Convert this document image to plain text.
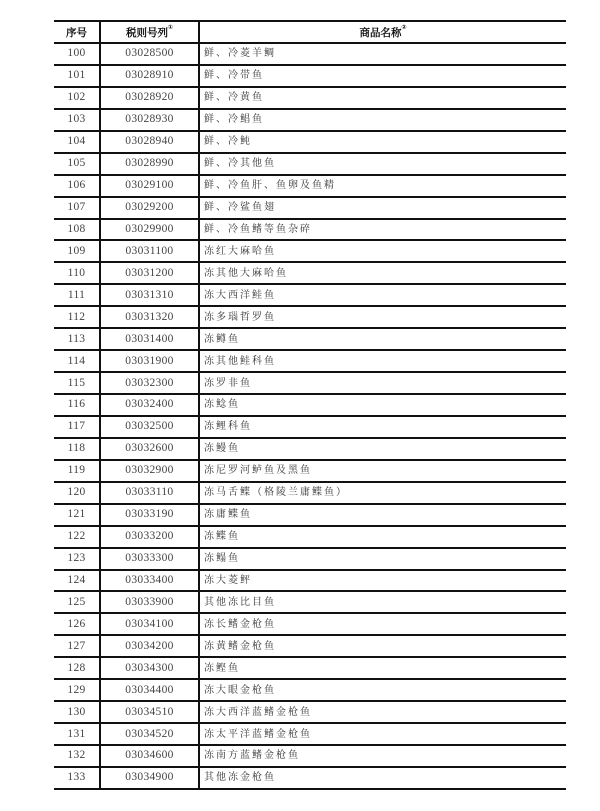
序号	税则号列①	商品名称②
100	03028500	鲜、冷菱羊鲷
101	03028910	鲜、冷带鱼
102	03028920	鲜、冷黄鱼
103	03028930	鲜、冷鲳鱼
104	03028940	鲜、冷鲀
105	03028990	鲜、冷其他鱼
106	03029100	鲜、冷鱼肝、鱼卵及鱼精
107	03029200	鲜、冷鲨鱼翅
108	03029900	鲜、冷鱼鳍等鱼杂碎
109	03031100	冻红大麻哈鱼
110	03031200	冻其他大麻哈鱼
111	03031310	冻大西洋鲑鱼
112	03031320	冻多瑙哲罗鱼
113	03031400	冻鳟鱼
114	03031900	冻其他鲑科鱼
115	03032300	冻罗非鱼
116	03032400	冻鲶鱼
117	03032500	冻鲤科鱼
118	03032600	冻鳗鱼
119	03032900	冻尼罗河鲈鱼及黑鱼
120	03033110	冻马舌鲽（格陵兰庸鲽鱼）
121	03033190	冻庸鲽鱼
122	03033200	冻鲽鱼
123	03033300	冻鳎鱼
124	03033400	冻大菱鲆
125	03033900	其他冻比目鱼
126	03034100	冻长鳍金枪鱼
127	03034200	冻黄鳍金枪鱼
128	03034300	冻鲣鱼
129	03034400	冻大眼金枪鱼
130	03034510	冻大西洋蓝鳍金枪鱼
131	03034520	冻太平洋蓝鳍金枪鱼
132	03034600	冻南方蓝鳍金枪鱼
133	03034900	其他冻金枪鱼
